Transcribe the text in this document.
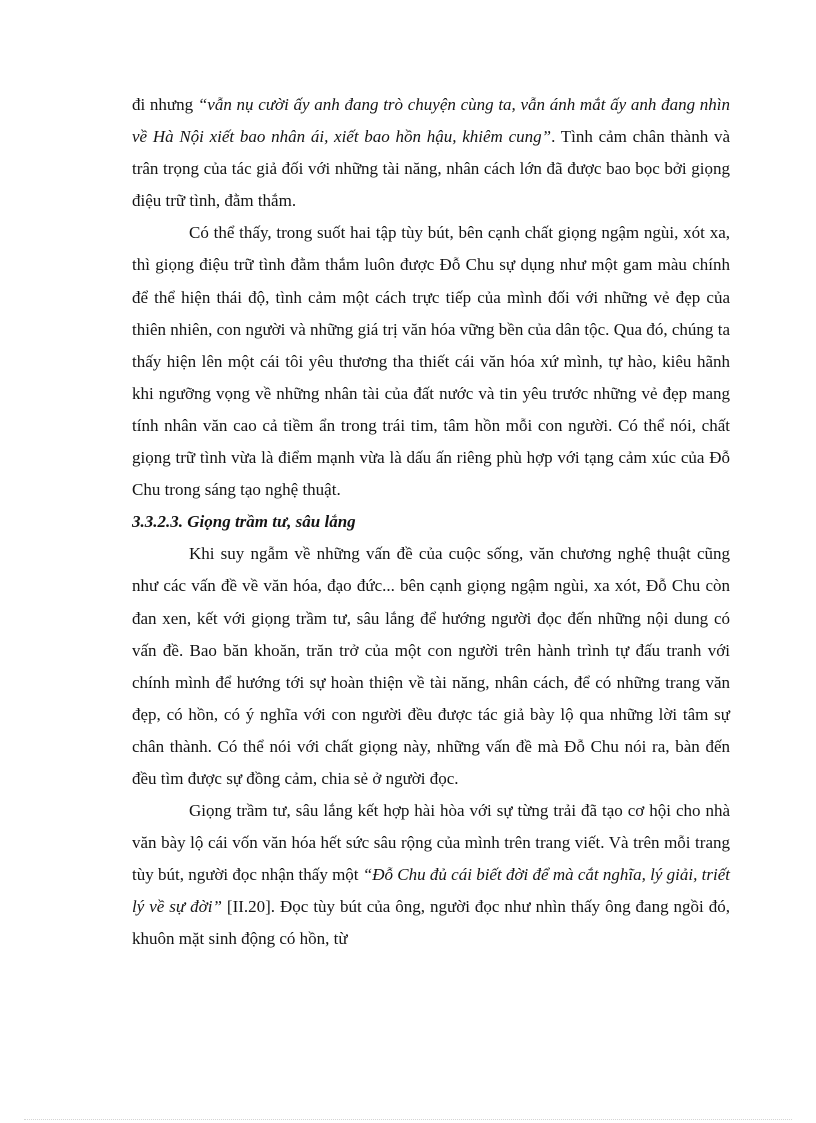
đi nhưng “vẫn nụ cười ấy anh đang trò chuyện cùng ta, vẫn ánh mắt ấy anh đang nhìn về Hà Nội xiết bao nhân ái, xiết bao hồn hậu, khiêm cung”. Tình cảm chân thành và trân trọng của tác giả đối với những tài năng, nhân cách lớn đã được bao bọc bởi giọng điệu trữ tình, đằm thắm.

Có thể thấy, trong suốt hai tập tùy bút, bên cạnh chất giọng ngậm ngùi, xót xa, thì giọng điệu trữ tình đằm thắm luôn được Đỗ Chu sự dụng như một gam màu chính để thể hiện thái độ, tình cảm một cách trực tiếp của mình đối với những vẻ đẹp của thiên nhiên, con người và những giá trị văn hóa vững bền của dân tộc. Qua đó, chúng ta thấy hiện lên một cái tôi yêu thương tha thiết cái văn hóa xứ mình, tự hào, kiêu hãnh khi ngưỡng vọng về những nhân tài của đất nước và tin yêu trước những vẻ đẹp mang tính nhân văn cao cả tiềm ẩn trong trái tim, tâm hồn mỗi con người. Có thể nói, chất giọng trữ tình vừa là điểm mạnh vừa là dấu ấn riêng phù hợp với tạng cảm xúc của Đỗ Chu trong sáng tạo nghệ thuật.

3.3.2.3. Giọng trầm tư, sâu lắng

Khi suy ngẫm về những vấn đề của cuộc sống, văn chương nghệ thuật cũng như các vấn đề về văn hóa, đạo đức... bên cạnh giọng ngậm ngùi, xa xót, Đỗ Chu còn đan xen, kết với giọng trầm tư, sâu lắng để hướng người đọc đến những nội dung có vấn đề. Bao băn khoăn, trăn trở của một con người trên hành trình tự đấu tranh với chính mình để hướng tới sự hoàn thiện về tài năng, nhân cách, để có những trang văn đẹp, có hồn, có ý nghĩa với con người đều được tác giả bày lộ qua những lời tâm sự chân thành. Có thể nói với chất giọng này, những vấn đề mà Đỗ Chu nói ra, bàn đến đều tìm được sự đồng cảm, chia sẻ ở người đọc.

Giọng trầm tư, sâu lắng kết hợp hài hòa với sự từng trải đã tạo cơ hội cho nhà văn bày lộ cái vốn văn hóa hết sức sâu rộng của mình trên trang viết. Và trên mỗi trang tùy bút, người đọc nhận thấy một “Đỗ Chu đủ cái biết đời để mà cắt nghĩa, lý giải, triết lý về sự đời” [II.20]. Đọc tùy bút của ông, người đọc như nhìn thấy ông đang ngồi đó, khuôn mặt sinh động có hồn, từ
